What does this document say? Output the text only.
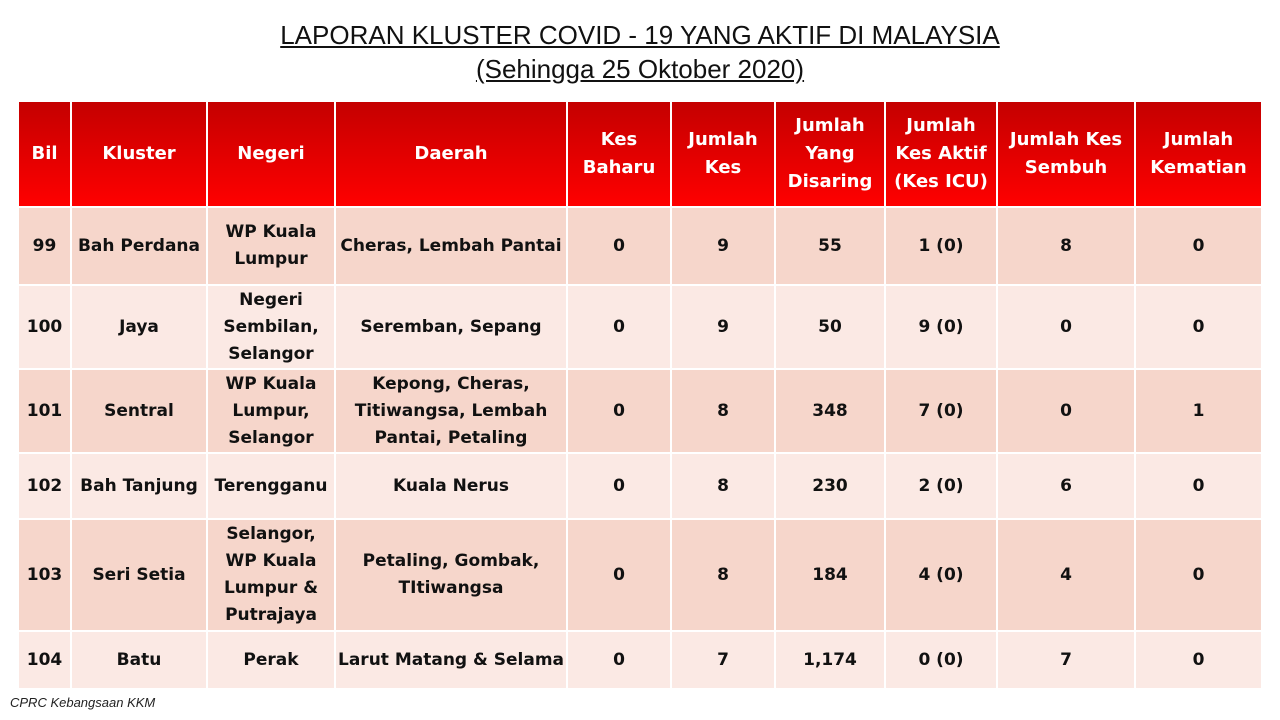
LAPORAN KLUSTER COVID - 19 YANG AKTIF DI MALAYSIA
(Sehingga 25 Oktober 2020)
Bil	Kluster	Negeri	Daerah	Kes Baharu	Jumlah Kes	Jumlah Yang Disaring	Jumlah Kes Aktif (Kes ICU)	Jumlah Kes Sembuh	Jumlah Kematian
99	Bah Perdana	WP Kuala Lumpur	Cheras, Lembah Pantai	0	9	55	1 (0)	8	0
100	Jaya	Negeri Sembilan, Selangor	Seremban, Sepang	0	9	50	9 (0)	0	0
101	Sentral	WP Kuala Lumpur, Selangor	Kepong, Cheras, Titiwangsa, Lembah Pantai, Petaling	0	8	348	7 (0)	0	1
102	Bah Tanjung	Terengganu	Kuala Nerus	0	8	230	2 (0)	6	0
103	Seri Setia	Selangor, WP Kuala Lumpur & Putrajaya	Petaling, Gombak, TItiwangsa	0	8	184	4 (0)	4	0
104	Batu	Perak	Larut Matang & Selama	0	7	1,174	0 (0)	7	0
CPRC Kebangsaan KKM
